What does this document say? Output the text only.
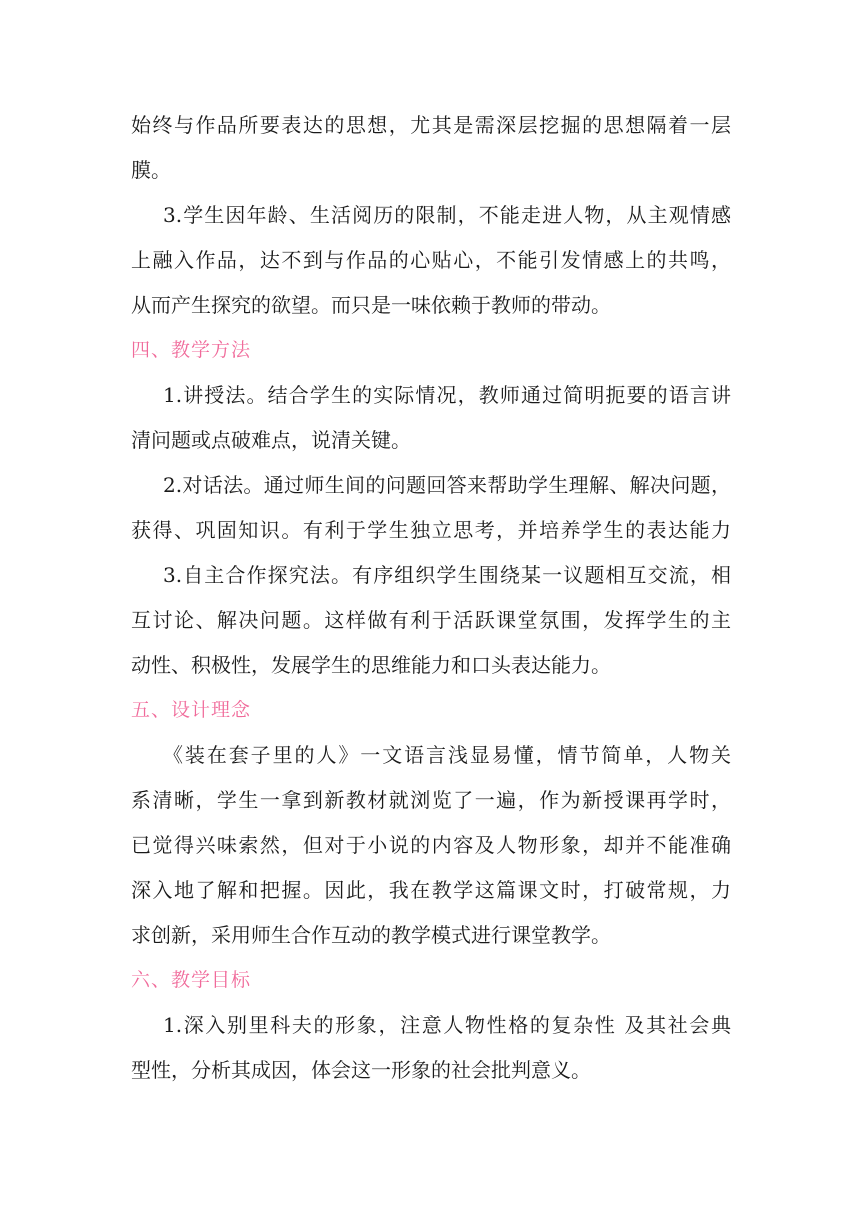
始终与作品所要表达的思想，尤其是需深层挖掘的思想隔着一层
膜。
3.学生因年龄、生活阅历的限制，不能走进人物，从主观情感
上融入作品，达不到与作品的心贴心，不能引发情感上的共鸣，
从而产生探究的欲望。而只是一味依赖于教师的带动。
四、教学方法
1.讲授法。结合学生的实际情况，教师通过简明扼要的语言讲
清问题或点破难点，说清关键。
2.对话法。通过师生间的问题回答来帮助学生理解、解决问题，
获得、巩固知识。有利于学生独立思考，并培养学生的表达能力
3.自主合作探究法。有序组织学生围绕某一议题相互交流，相
互讨论、解决问题。这样做有利于活跃课堂氛围，发挥学生的主
动性、积极性，发展学生的思维能力和口头表达能力。
五、设计理念
《装在套子里的人》一文语言浅显易懂，情节简单，人物关
系清晰，学生一拿到新教材就浏览了一遍，作为新授课再学时，
已觉得兴味索然，但对于小说的内容及人物形象，却并不能准确
深入地了解和把握。因此，我在教学这篇课文时，打破常规，力
求创新，采用师生合作互动的教学模式进行课堂教学。
六、教学目标
1.深入别里科夫的形象，注意人物性格的复杂性 及其社会典
型性，分析其成因，体会这一形象的社会批判意义。
